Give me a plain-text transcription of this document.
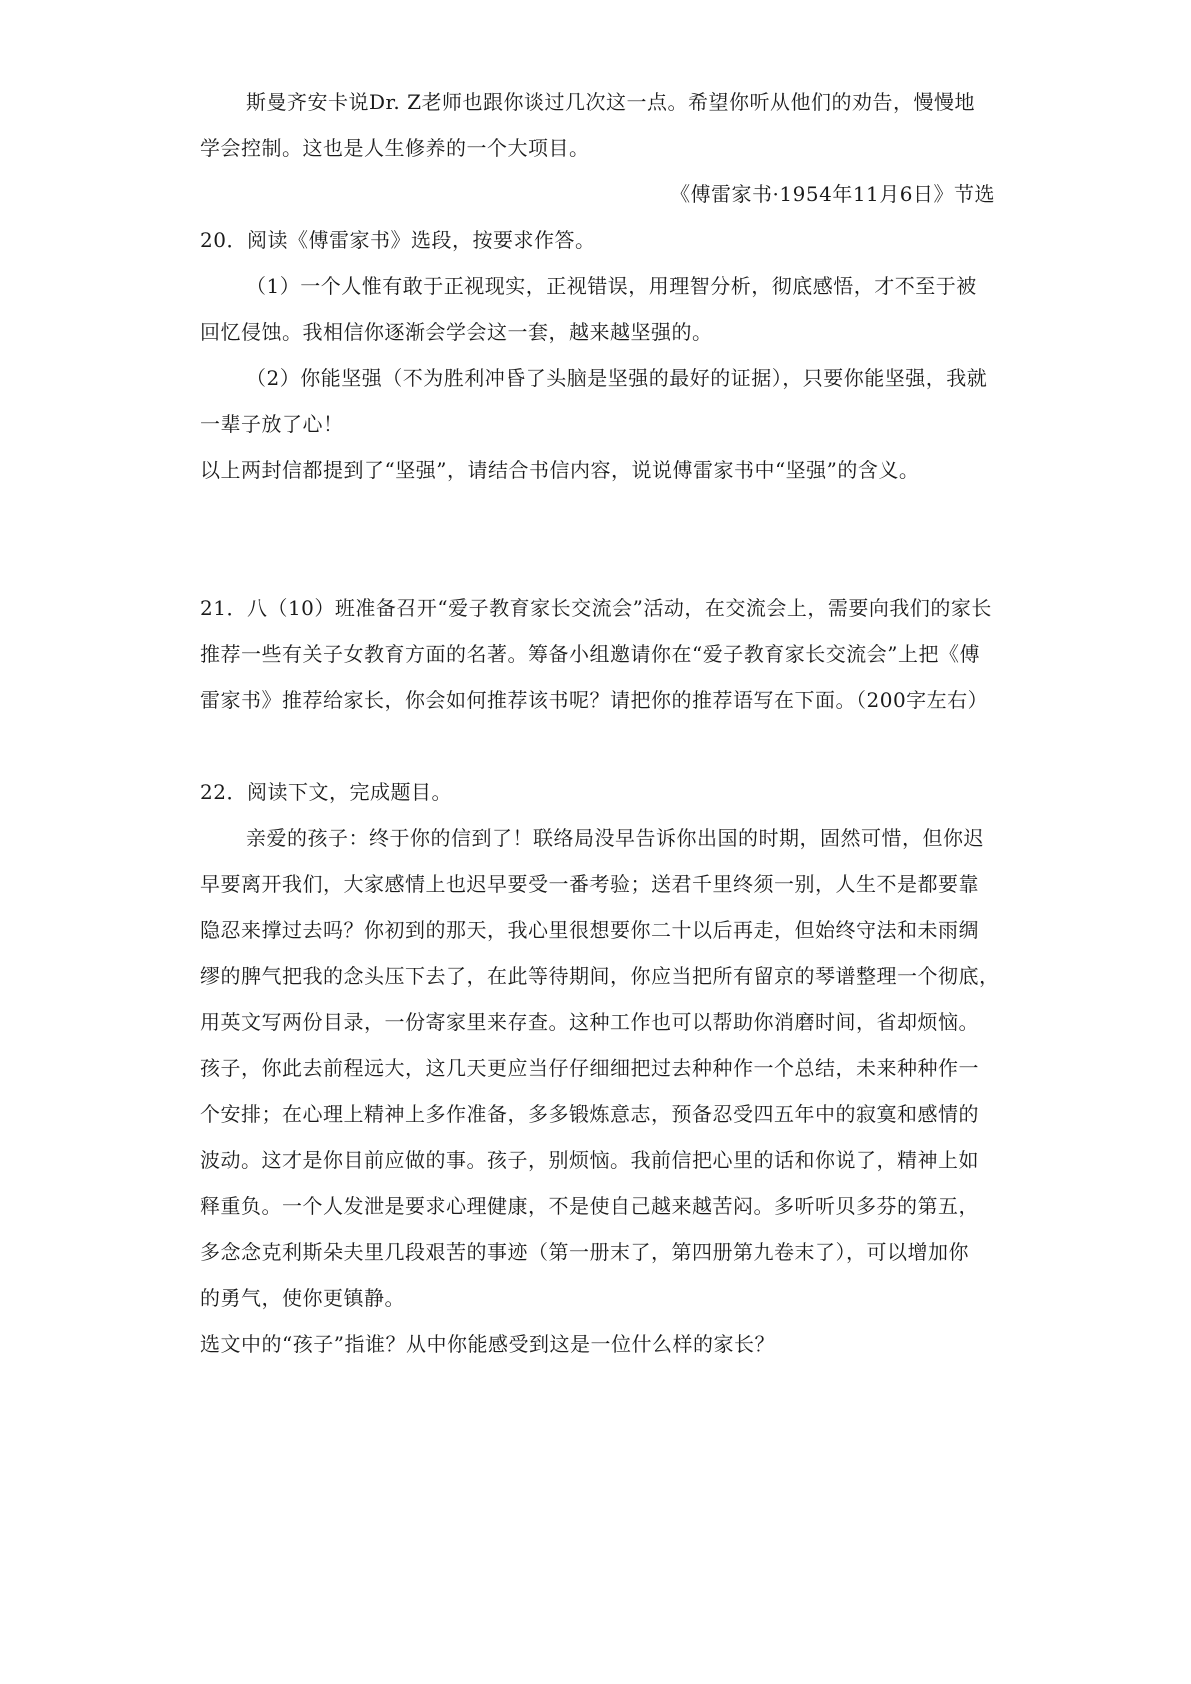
斯曼齐安卡说Dr. Z老师也跟你谈过几次这一点。希望你听从他们的劝告，慢慢地
学会控制。这也是人生修养的一个大项目。
《傅雷家书·1954年11月6日》节选
20．阅读《傅雷家书》选段，按要求作答。
（1）一个人惟有敢于正视现实，正视错误，用理智分析，彻底感悟，才不至于被
回忆侵蚀。我相信你逐渐会学会这一套，越来越坚强的。
（2）你能坚强（不为胜利冲昏了头脑是坚强的最好的证据），只要你能坚强，我就
一辈子放了心！
以上两封信都提到了“坚强”，请结合书信内容，说说傅雷家书中“坚强”的含义。
21．八（10）班准备召开“爱子教育家长交流会”活动，在交流会上，需要向我们的家长
推荐一些有关子女教育方面的名著。筹备小组邀请你在“爱子教育家长交流会”上把《傅
雷家书》推荐给家长，你会如何推荐该书呢？请把你的推荐语写在下面。（200字左右）
22．阅读下文，完成题目。
亲爱的孩子：终于你的信到了！联络局没早告诉你出国的时期，固然可惜，但你迟
早要离开我们，大家感情上也迟早要受一番考验；送君千里终须一别，人生不是都要靠
隐忍来撑过去吗？你初到的那天，我心里很想要你二十以后再走，但始终守法和未雨绸
缪的脾气把我的念头压下去了，在此等待期间，你应当把所有留京的琴谱整理一个彻底，
用英文写两份目录，一份寄家里来存查。这种工作也可以帮助你消磨时间，省却烦恼。
孩子，你此去前程远大，这几天更应当仔仔细细把过去种种作一个总结，未来种种作一
个安排；在心理上精神上多作准备，多多锻炼意志，预备忍受四五年中的寂寞和感情的
波动。这才是你目前应做的事。孩子，别烦恼。我前信把心里的话和你说了，精神上如
释重负。一个人发泄是要求心理健康，不是使自己越来越苦闷。多听听贝多芬的第五，
多念念克利斯朵夫里几段艰苦的事迹（第一册末了，第四册第九卷末了），可以增加你
的勇气，使你更镇静。
选文中的“孩子”指谁？从中你能感受到这是一位什么样的家长？
